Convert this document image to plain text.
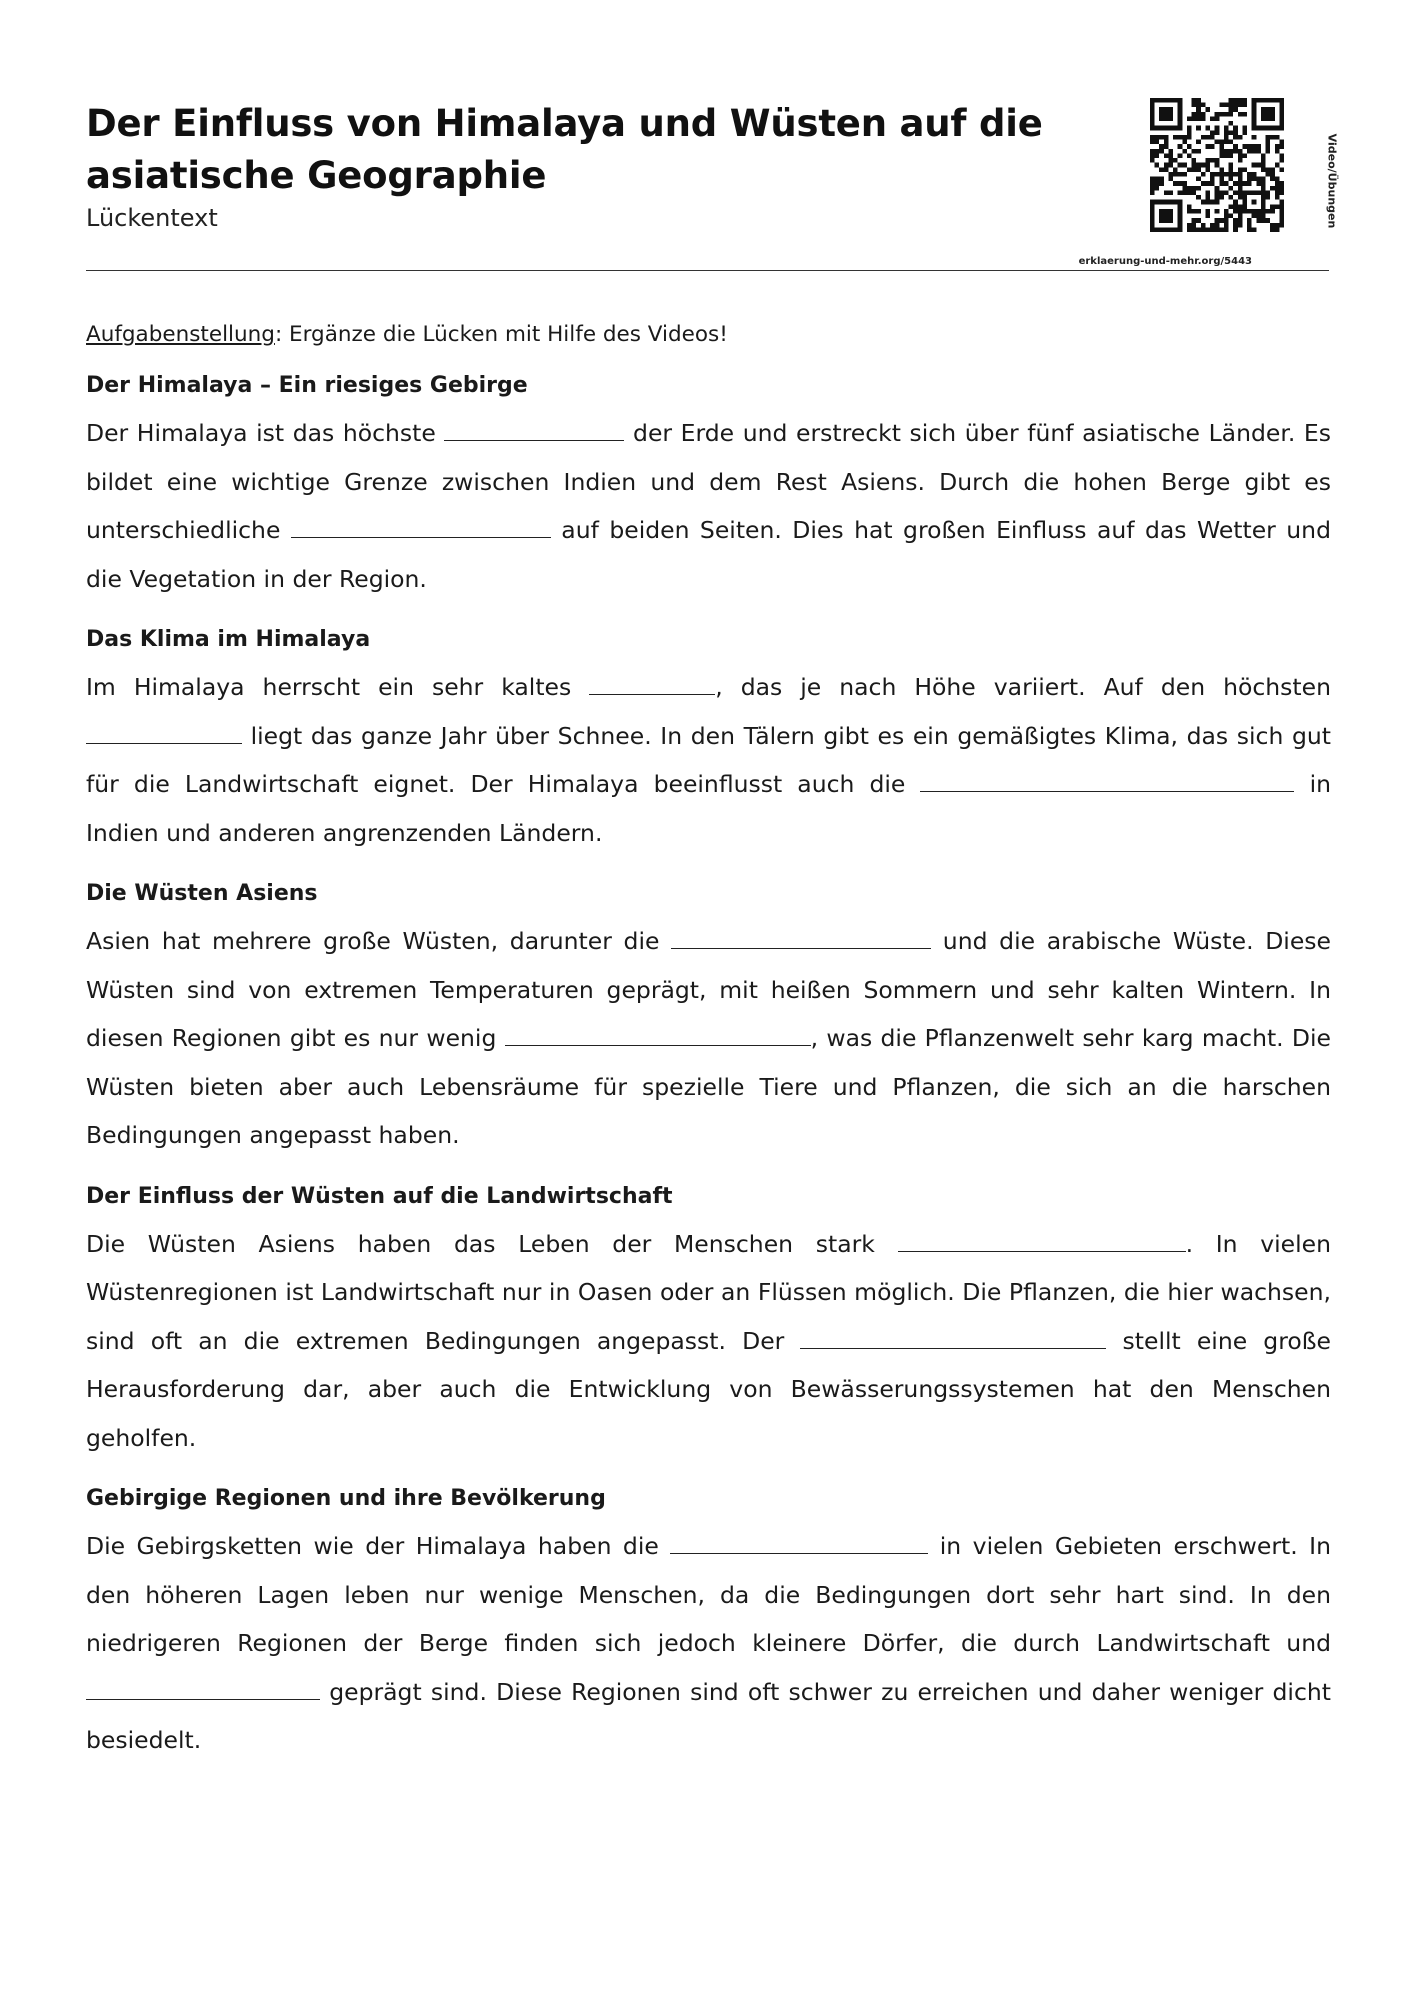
Der Einfluss von Himalaya und Wüsten auf die asiatische Geographie
Lückentext	Video/Übungen
erklaerung-und-mehr.org/5443

Aufgabenstellung: Ergänze die Lücken mit Hilfe des Videos!

Der Himalaya – Ein riesiges Gebirge

Der Himalaya ist das höchste	der Erde und erstreckt sich über fünf asiatische Länder. Es bildet eine wichtige Grenze zwischen Indien und dem Rest Asiens. Durch die hohen Berge gibt es unterschiedliche	auf beiden Seiten. Dies hat großen Einfluss auf das Wetter und die Vegetation in der Region.

Das Klima im Himalaya

Im Himalaya herrscht ein sehr kaltes	, das je nach Höhe variiert. Auf den höchsten  liegt das ganze Jahr über Schnee. In den Tälern gibt es ein gemäßigtes Klima, das sich gut für die Landwirtschaft eignet. Der Himalaya beeinflusst auch die	in Indien und anderen angrenzenden Ländern.

Die Wüsten Asiens

Asien hat mehrere große Wüsten, darunter die	und die arabische Wüste. Diese Wüsten sind von extremen Temperaturen geprägt, mit heißen Sommern und sehr kalten Wintern. In diesen Regionen gibt es nur wenig	, was die Pflanzenwelt sehr karg macht. Die Wüsten bieten aber auch Lebensräume für spezielle Tiere und Pflanzen, die sich an die harschen Bedingungen angepasst haben.

Der Einfluss der Wüsten auf die Landwirtschaft

Die Wüsten Asiens haben das Leben der Menschen stark	. In vielen Wüstenregionen ist Landwirtschaft nur in Oasen oder an Flüssen möglich. Die Pflanzen, die hier wachsen, sind oft an die extremen Bedingungen angepasst. Der	stellt eine große Herausforderung dar, aber auch die Entwicklung von Bewässerungssystemen hat den Menschen geholfen.

Gebirgige Regionen und ihre Bevölkerung

Die Gebirgsketten wie der Himalaya haben die	in vielen Gebieten erschwert. In den höheren Lagen leben nur wenige Menschen, da die Bedingungen dort sehr hart sind. In den niedrigeren Regionen der Berge finden sich jedoch kleinere Dörfer, die durch Landwirtschaft und  geprägt sind. Diese Regionen sind oft schwer zu erreichen und daher weniger dicht besiedelt.
